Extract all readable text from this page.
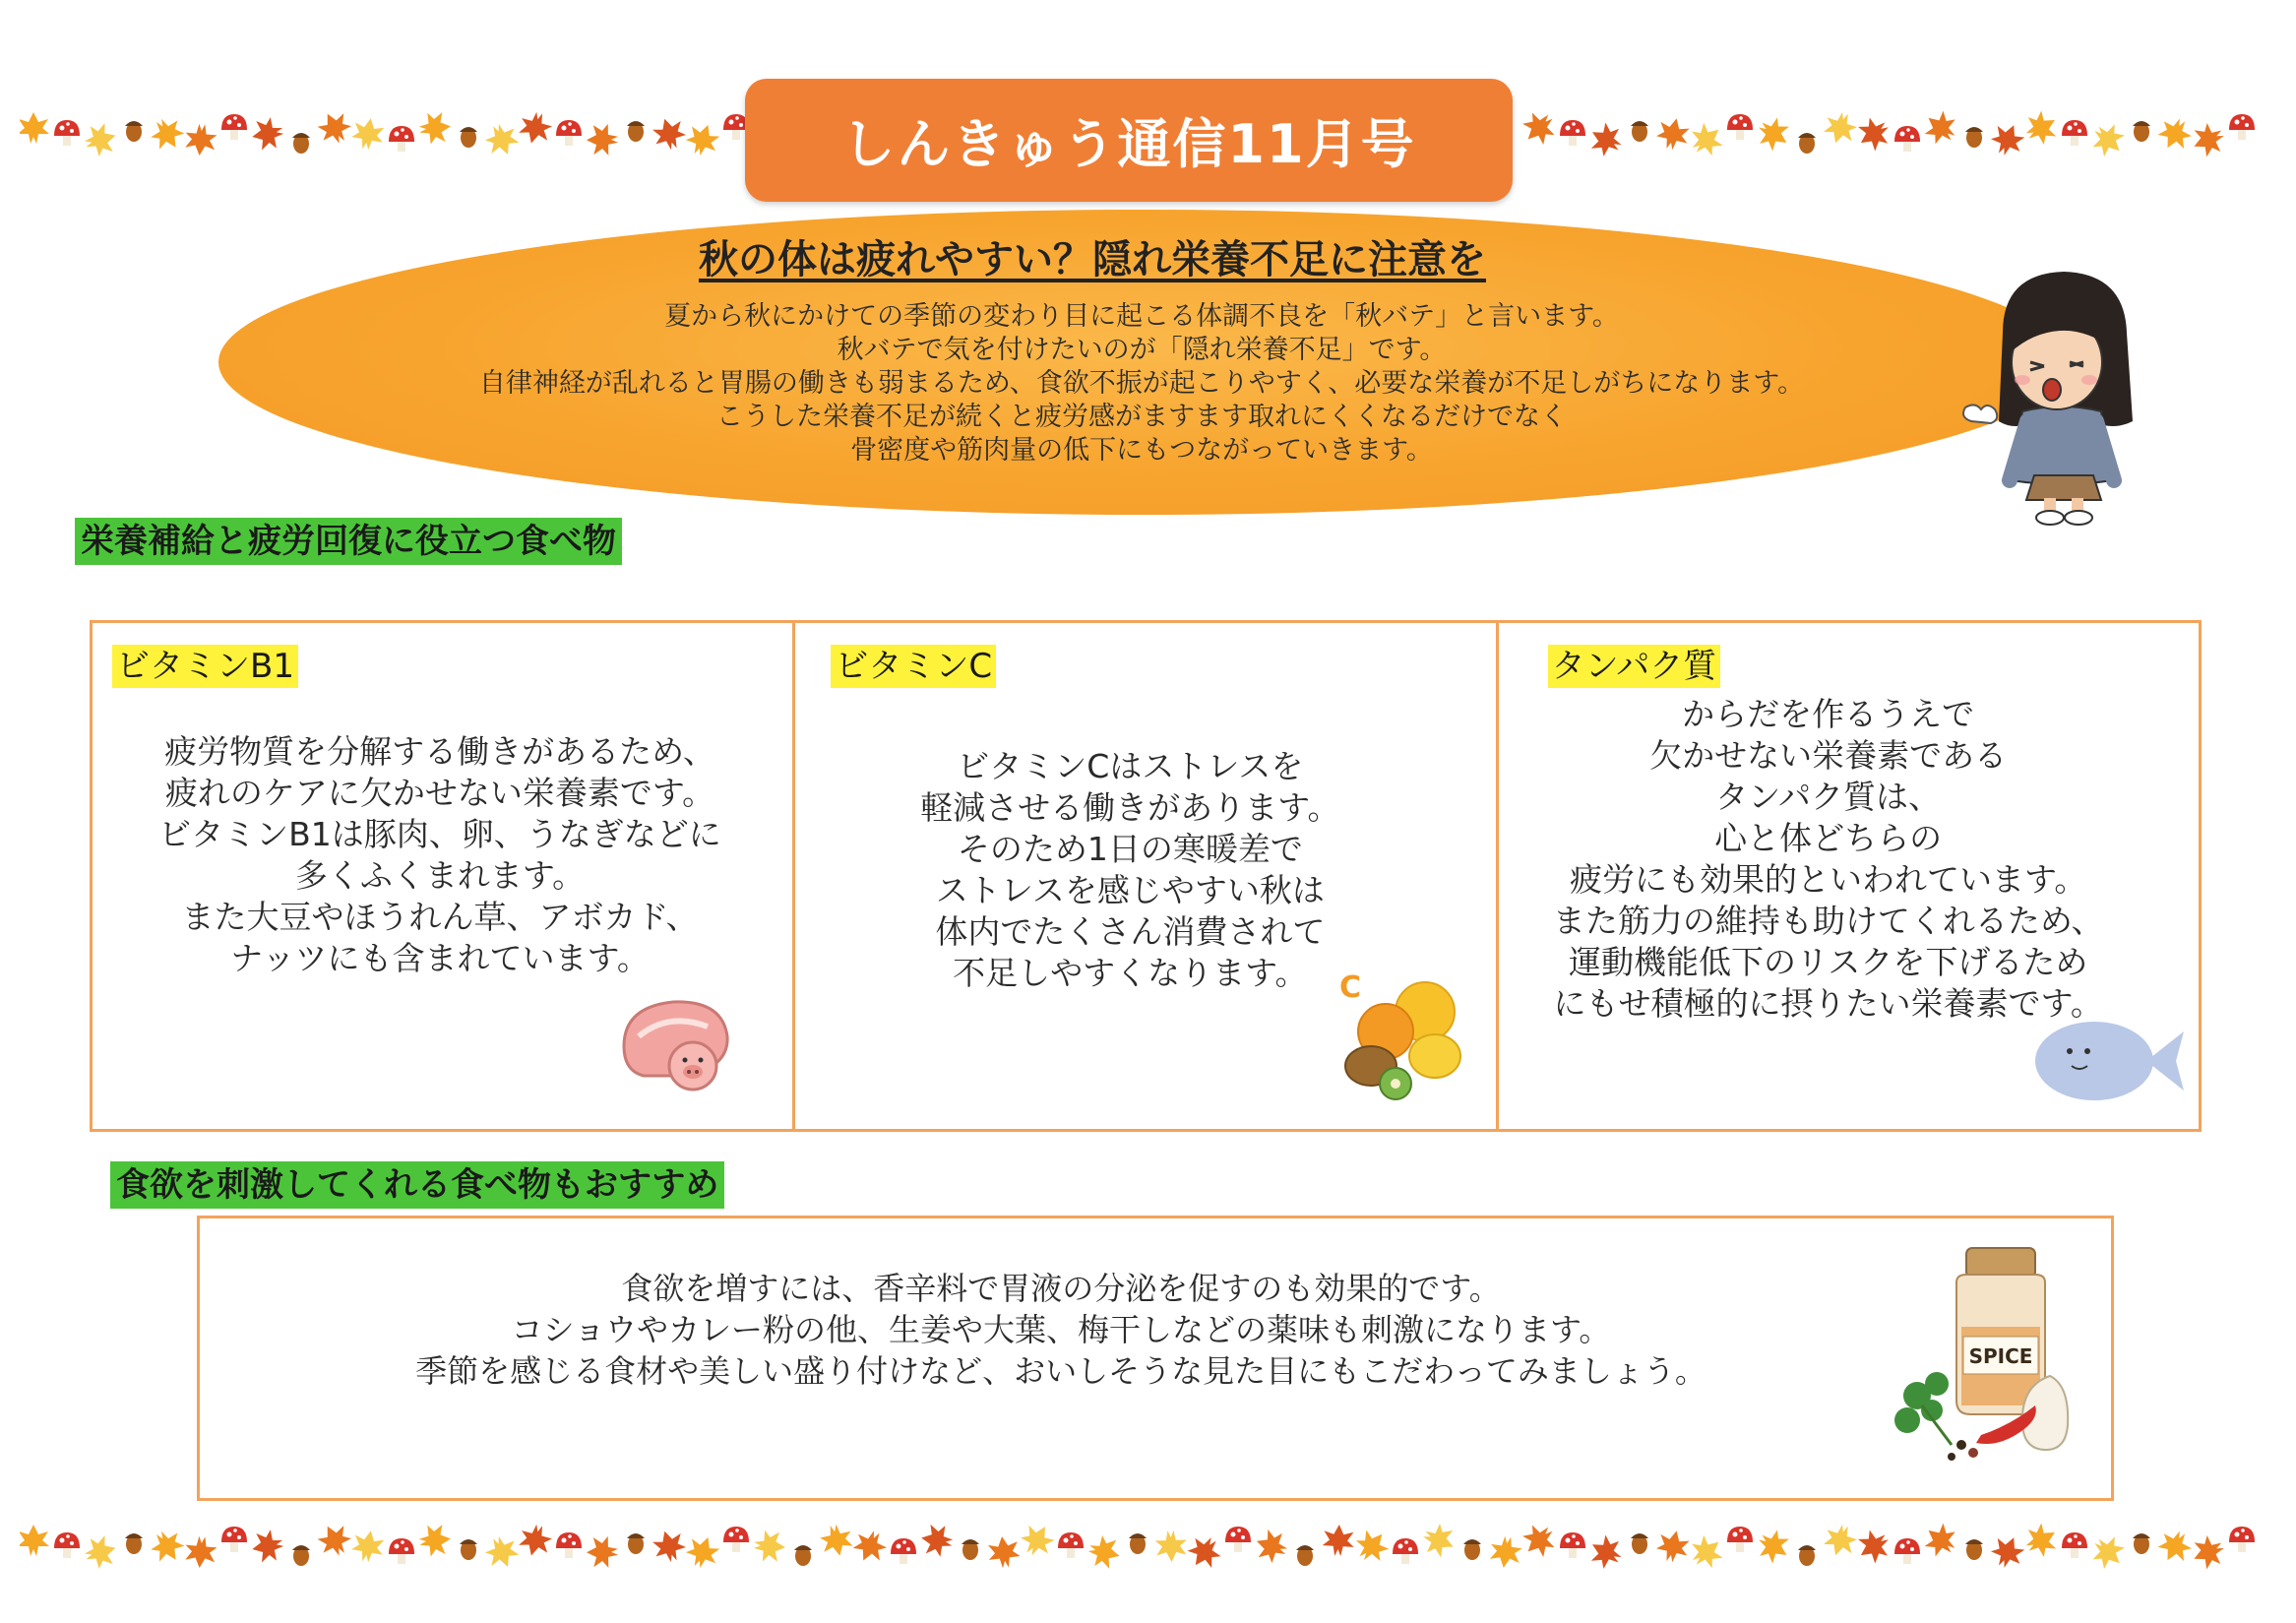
しんきゅう通信11月号
秋の体は疲れやすい？隠れ栄養不足に注意を
夏から秋にかけての季節の変わり目に起こる体調不良を「秋バテ」と言います。
秋バテで気を付けたいのが「隠れ栄養不足」です。
自律神経が乱れると胃腸の働きも弱まるため、食欲不振が起こりやすく、必要な栄養が不足しがちになります。
こうした栄養不足が続くと疲労感がますます取れにくくなるだけでなく
骨密度や筋肉量の低下にもつながっていきます。
栄養補給と疲労回復に役立つ食べ物
ビタミンB1
疲労物質を分解する働きがあるため、
疲れのケアに欠かせない栄養素です。
ビタミンB1は豚肉、卵、うなぎなどに
多くふくまれます。
また大豆やほうれん草、アボカド、
ナッツにも含まれています。
ビタミンC
ビタミンCはストレスを
軽減させる働きがあります。
そのため1日の寒暖差で
ストレスを感じやすい秋は
体内でたくさん消費されて
不足しやすくなります。	C
タンパク質
からだを作るうえで
欠かせない栄養素である
タンパク質は、
心と体どちらの
疲労にも効果的といわれています。
また筋力の維持も助けてくれるため、
運動機能低下のリスクを下げるため
にもせ積極的に摂りたい栄養素です。
食欲を刺激してくれる食べ物もおすすめ
食欲を増すには、香辛料で胃液の分泌を促すのも効果的です。
コショウやカレー粉の他、生姜や大葉、梅干しなどの薬味も刺激になります。
季節を感じる食材や美しい盛り付けなど、おいしそうな見た目にもこだわってみましょう。	SPICE
